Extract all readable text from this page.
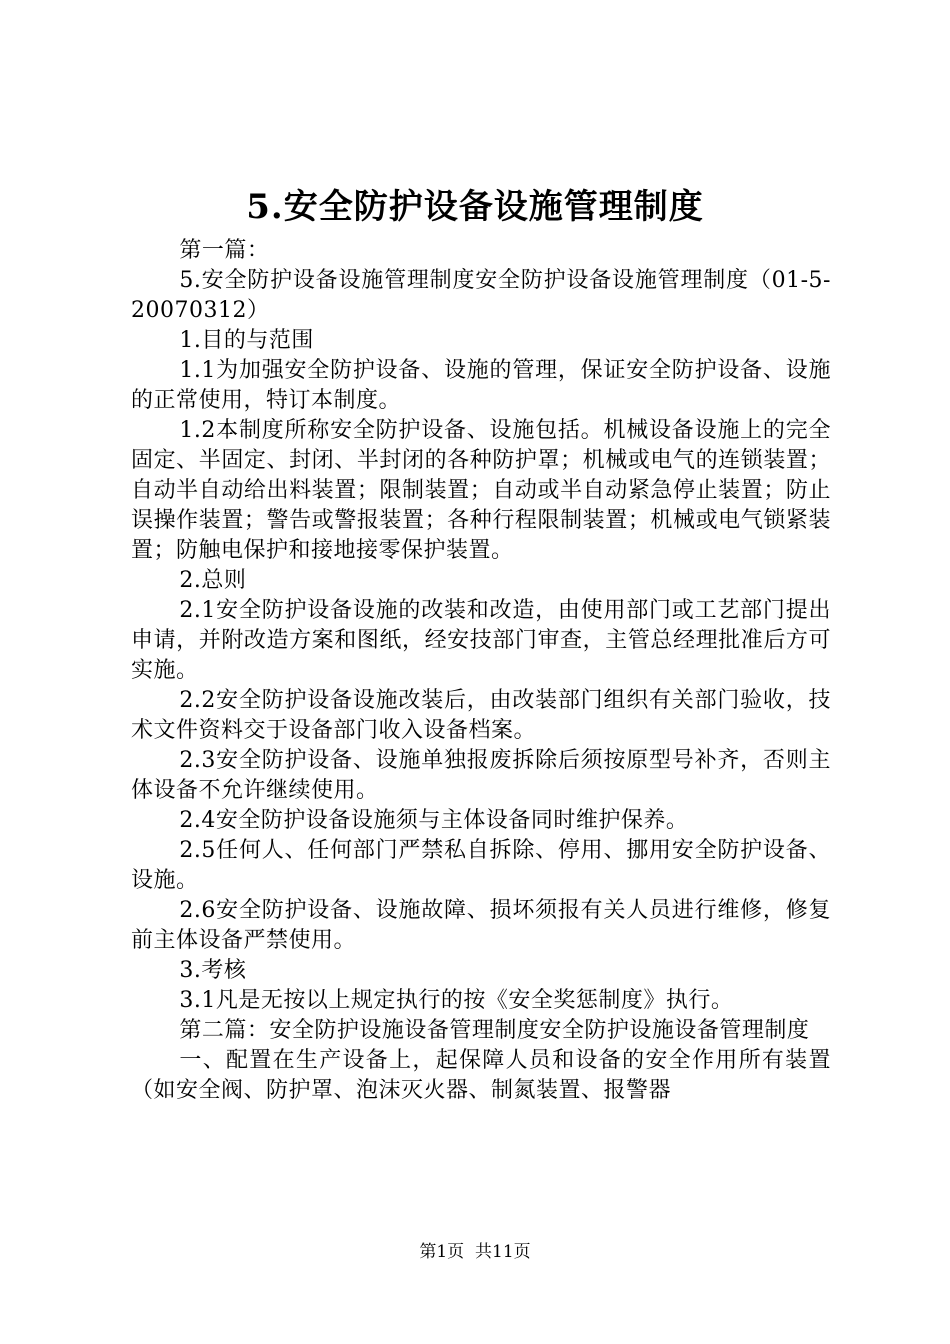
5.安全防护设备设施管理制度

第一篇：

5.安全防护设备设施管理制度安全防护设备设施管理制度（01-5-20070312）

1.目的与范围

1.1为加强安全防护设备、设施的管理，保证安全防护设备、设施的正常使用，特订本制度。

1.2本制度所称安全防护设备、设施包括。机械设备设施上的完全固定、半固定、封闭、半封闭的各种防护罩；机械或电气的连锁装置；自动半自动给出料装置；限制装置；自动或半自动紧急停止装置；防止误操作装置；警告或警报装置；各种行程限制装置；机械或电气锁紧装置；防触电保护和接地接零保护装置。

2.总则

2.1安全防护设备设施的改装和改造，由使用部门或工艺部门提出申请，并附改造方案和图纸，经安技部门审查，主管总经理批准后方可实施。

2.2安全防护设备设施改装后，由改装部门组织有关部门验收，技术文件资料交于设备部门收入设备档案。

2.3安全防护设备、设施单独报废拆除后须按原型号补齐，否则主体设备不允许继续使用。

2.4安全防护设备设施须与主体设备同时维护保养。

2.5任何人、任何部门严禁私自拆除、停用、挪用安全防护设备、设施。

2.6安全防护设备、设施故障、损坏须报有关人员进行维修，修复前主体设备严禁使用。

3.考核

3.1凡是无按以上规定执行的按《安全奖惩制度》执行。

第二篇：安全防护设施设备管理制度安全防护设施设备管理制度

一、配置在生产设备上，起保障人员和设备的安全作用所有装置（如安全阀、防护罩、泡沫灭火器、制氮装置、报警器

第1页 共11页
